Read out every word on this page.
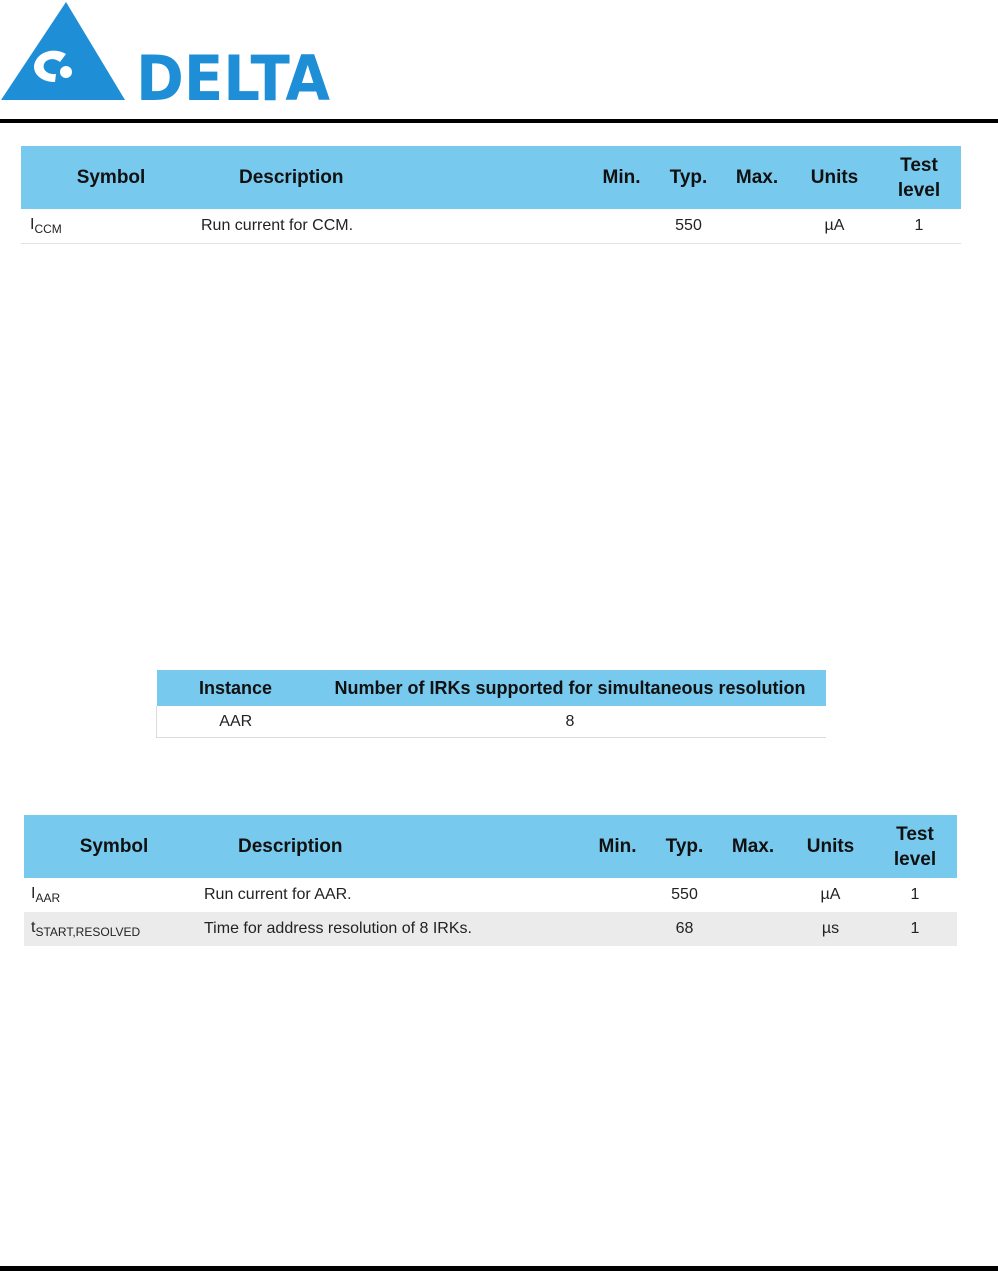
DELTA
Symbol	Description	Min.	Typ.	Max.	Units	Test
level
$I_{CCM}$	Run current for CCM.		550		µA	1
Instance	Number of IRKs supported for simultaneous resolution
AAR	8
Symbol	Description	Min.	Typ.	Max.	Units	Test
level
$I_{AAR}$	Run current for AAR.		550		µA	1
$t_{START,RESOLVED}$	Time for address resolution of 8 IRKs.		68		µs	1
